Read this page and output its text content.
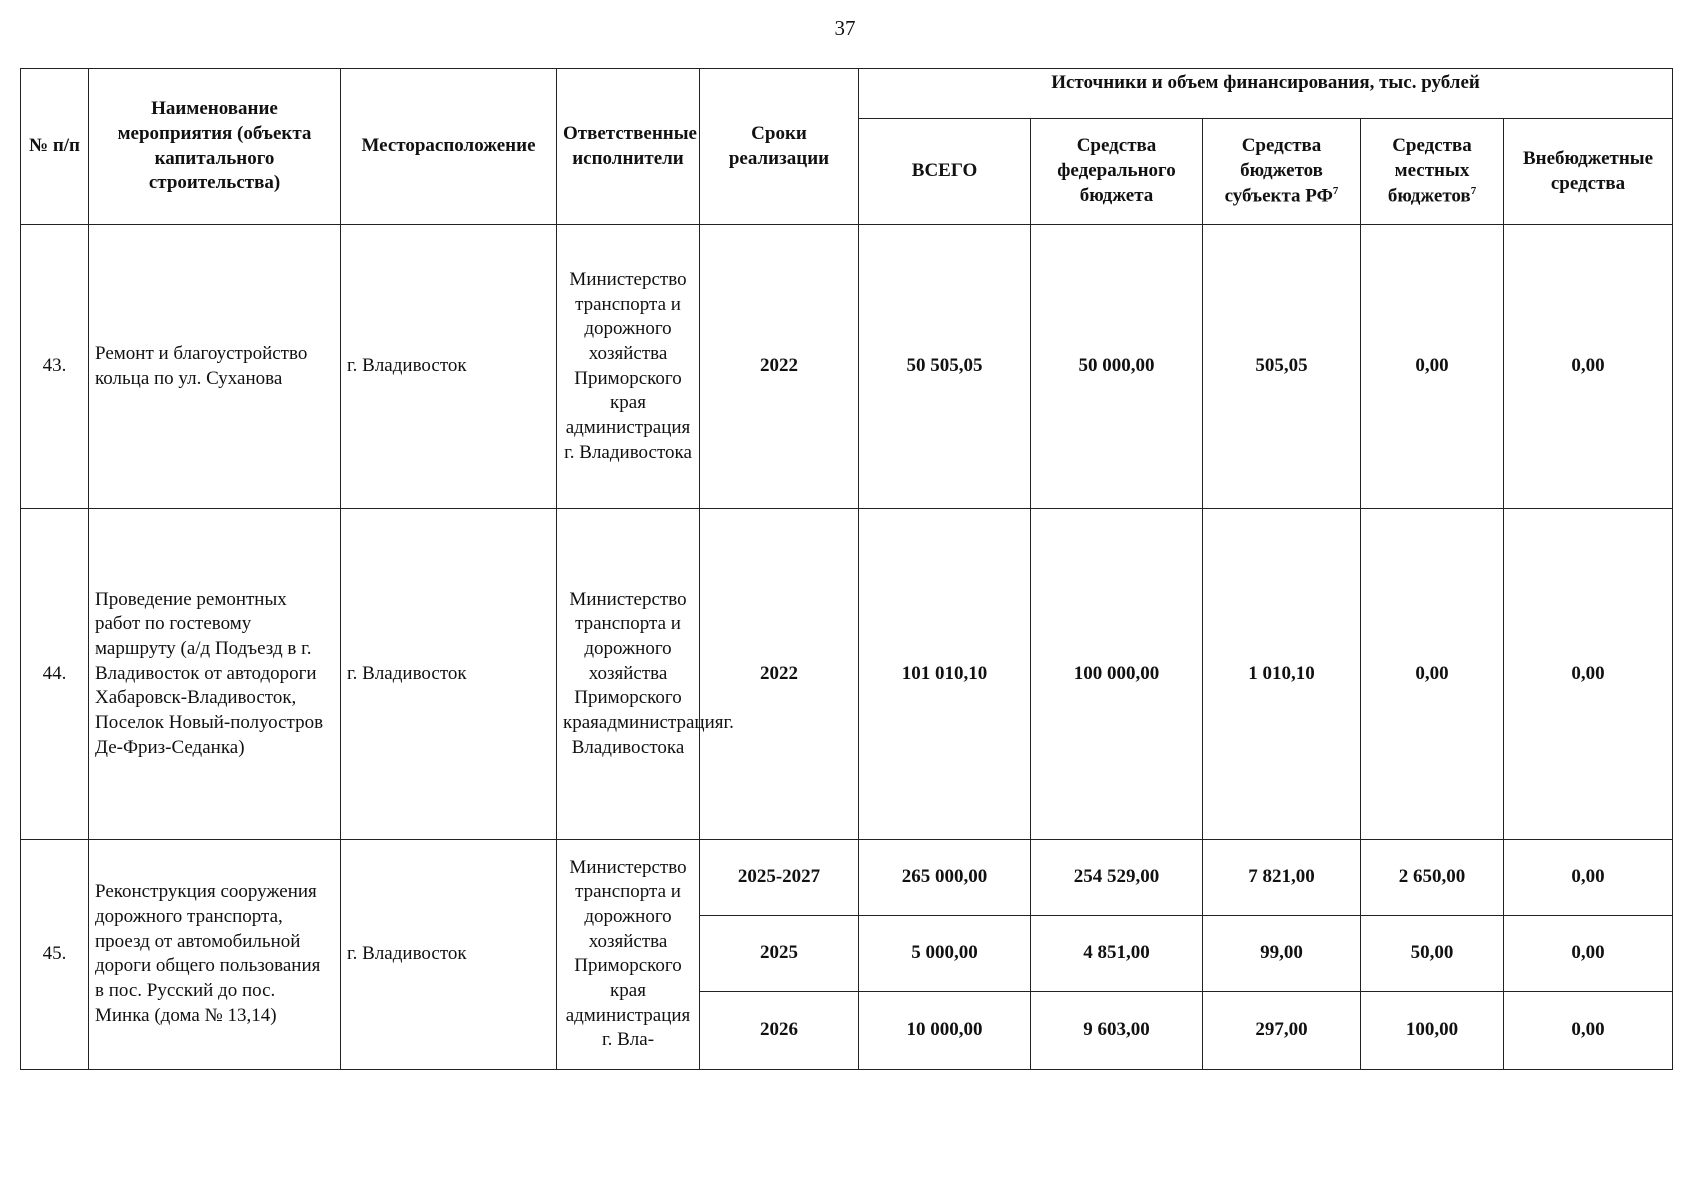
37
№ п/п	Наименование мероприятия (объекта капитального строительства)	Месторасположение	Ответственные исполнители	Сроки реализации	Источники и объем финансирования, тыс. рублей				
					ВСЕГО	Средства федерального бюджета	Средства бюджетов субъекта $РФ^7$	Средства местных бюджетов$^7$	Внебюджетные средства
43.	Ремонт и благоустройство кольца по ул. Суханова	г. Владивосток	Министерство транспорта и дорожного хозяйства Приморского края администрация г. Владивостока	2022	50 505,05	50 000,00	505,05	0,00	0,00
44.	Проведение ремонтных работ по гостевому маршруту (а/д Подъезд в г. Владивосток от автодороги Хабаровск-Владивосток, Поселок Новый-полуостров Де-Фриз-Седанка)	г. Владивосток	Министерство транспорта и дорожного хозяйства Приморского краяадминистрацияг. Владивостока	2022	101 010,10	100 000,00	1 010,10	0,00	0,00
45.	Реконструкция сооружения дорожного транспорта, проезд от автомобильной дороги общего пользования в пос. Русский до пос. Минка (дома № 13,14)	г. Владивосток	Министерство транспорта и дорожного хозяйства Приморского края администрация г. Вла-	2025-2027	265 000,00	254 529,00	7 821,00	2 650,00	0,00
				2025	5 000,00	4 851,00	99,00	50,00	0,00
				2026	10 000,00	9 603,00	297,00	100,00	0,00
